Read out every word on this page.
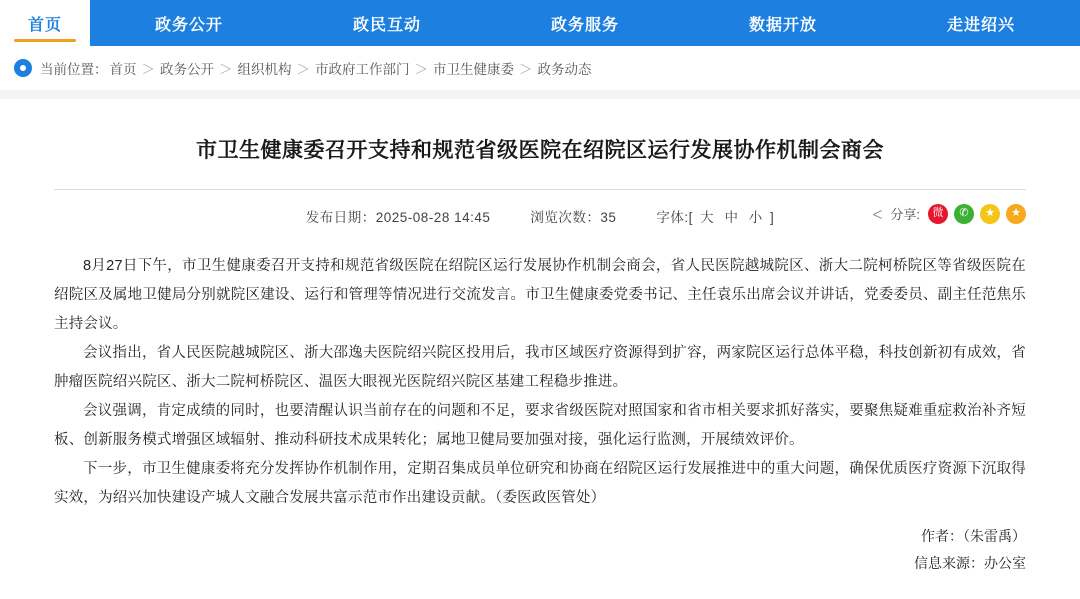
首页	政务公开	政民互动	政务服务	数据开放	走进绍兴
当前位置： 首页 ＞ 政务公开 ＞ 组织机构 ＞ 市政府工作部门 ＞ 市卫生健康委 ＞ 政务动态
市卫生健康委召开支持和规范省级医院在绍院区运行发展协作机制会商会
发布日期：2025-08-28 14:45	浏览次数：35	字体:[ 大 中 小 ]	分享:	微	✆	★	★

8月27日下午，市卫生健康委召开支持和规范省级医院在绍院区运行发展协作机制会商会，省人民医院越城院区、浙大二院柯桥院区等省级医院在绍院区及属地卫健局分别就院区建设、运行和管理等情况进行交流发言。市卫生健康委党委书记、主任袁乐出席会议并讲话，党委委员、副主任范焦乐主持会议。

会议指出，省人民医院越城院区、浙大邵逸夫医院绍兴院区投用后，我市区域医疗资源得到扩容，两家院区运行总体平稳，科技创新初有成效，省肿瘤医院绍兴院区、浙大二院柯桥院区、温医大眼视光医院绍兴院区基建工程稳步推进。

会议强调，肯定成绩的同时，也要清醒认识当前存在的问题和不足，要求省级医院对照国家和省市相关要求抓好落实，要聚焦疑难重症救治补齐短板、创新服务模式增强区域辐射、推动科研技术成果转化；属地卫健局要加强对接，强化运行监测，开展绩效评价。

下一步，市卫生健康委将充分发挥协作机制作用，定期召集成员单位研究和协商在绍院区运行发展推进中的重大问题，确保优质医疗资源下沉取得实效，为绍兴加快建设产城人文融合发展共富示范市作出建设贡献。（委医政医管处）

作者：（朱雷禹）
信息来源：办公室
